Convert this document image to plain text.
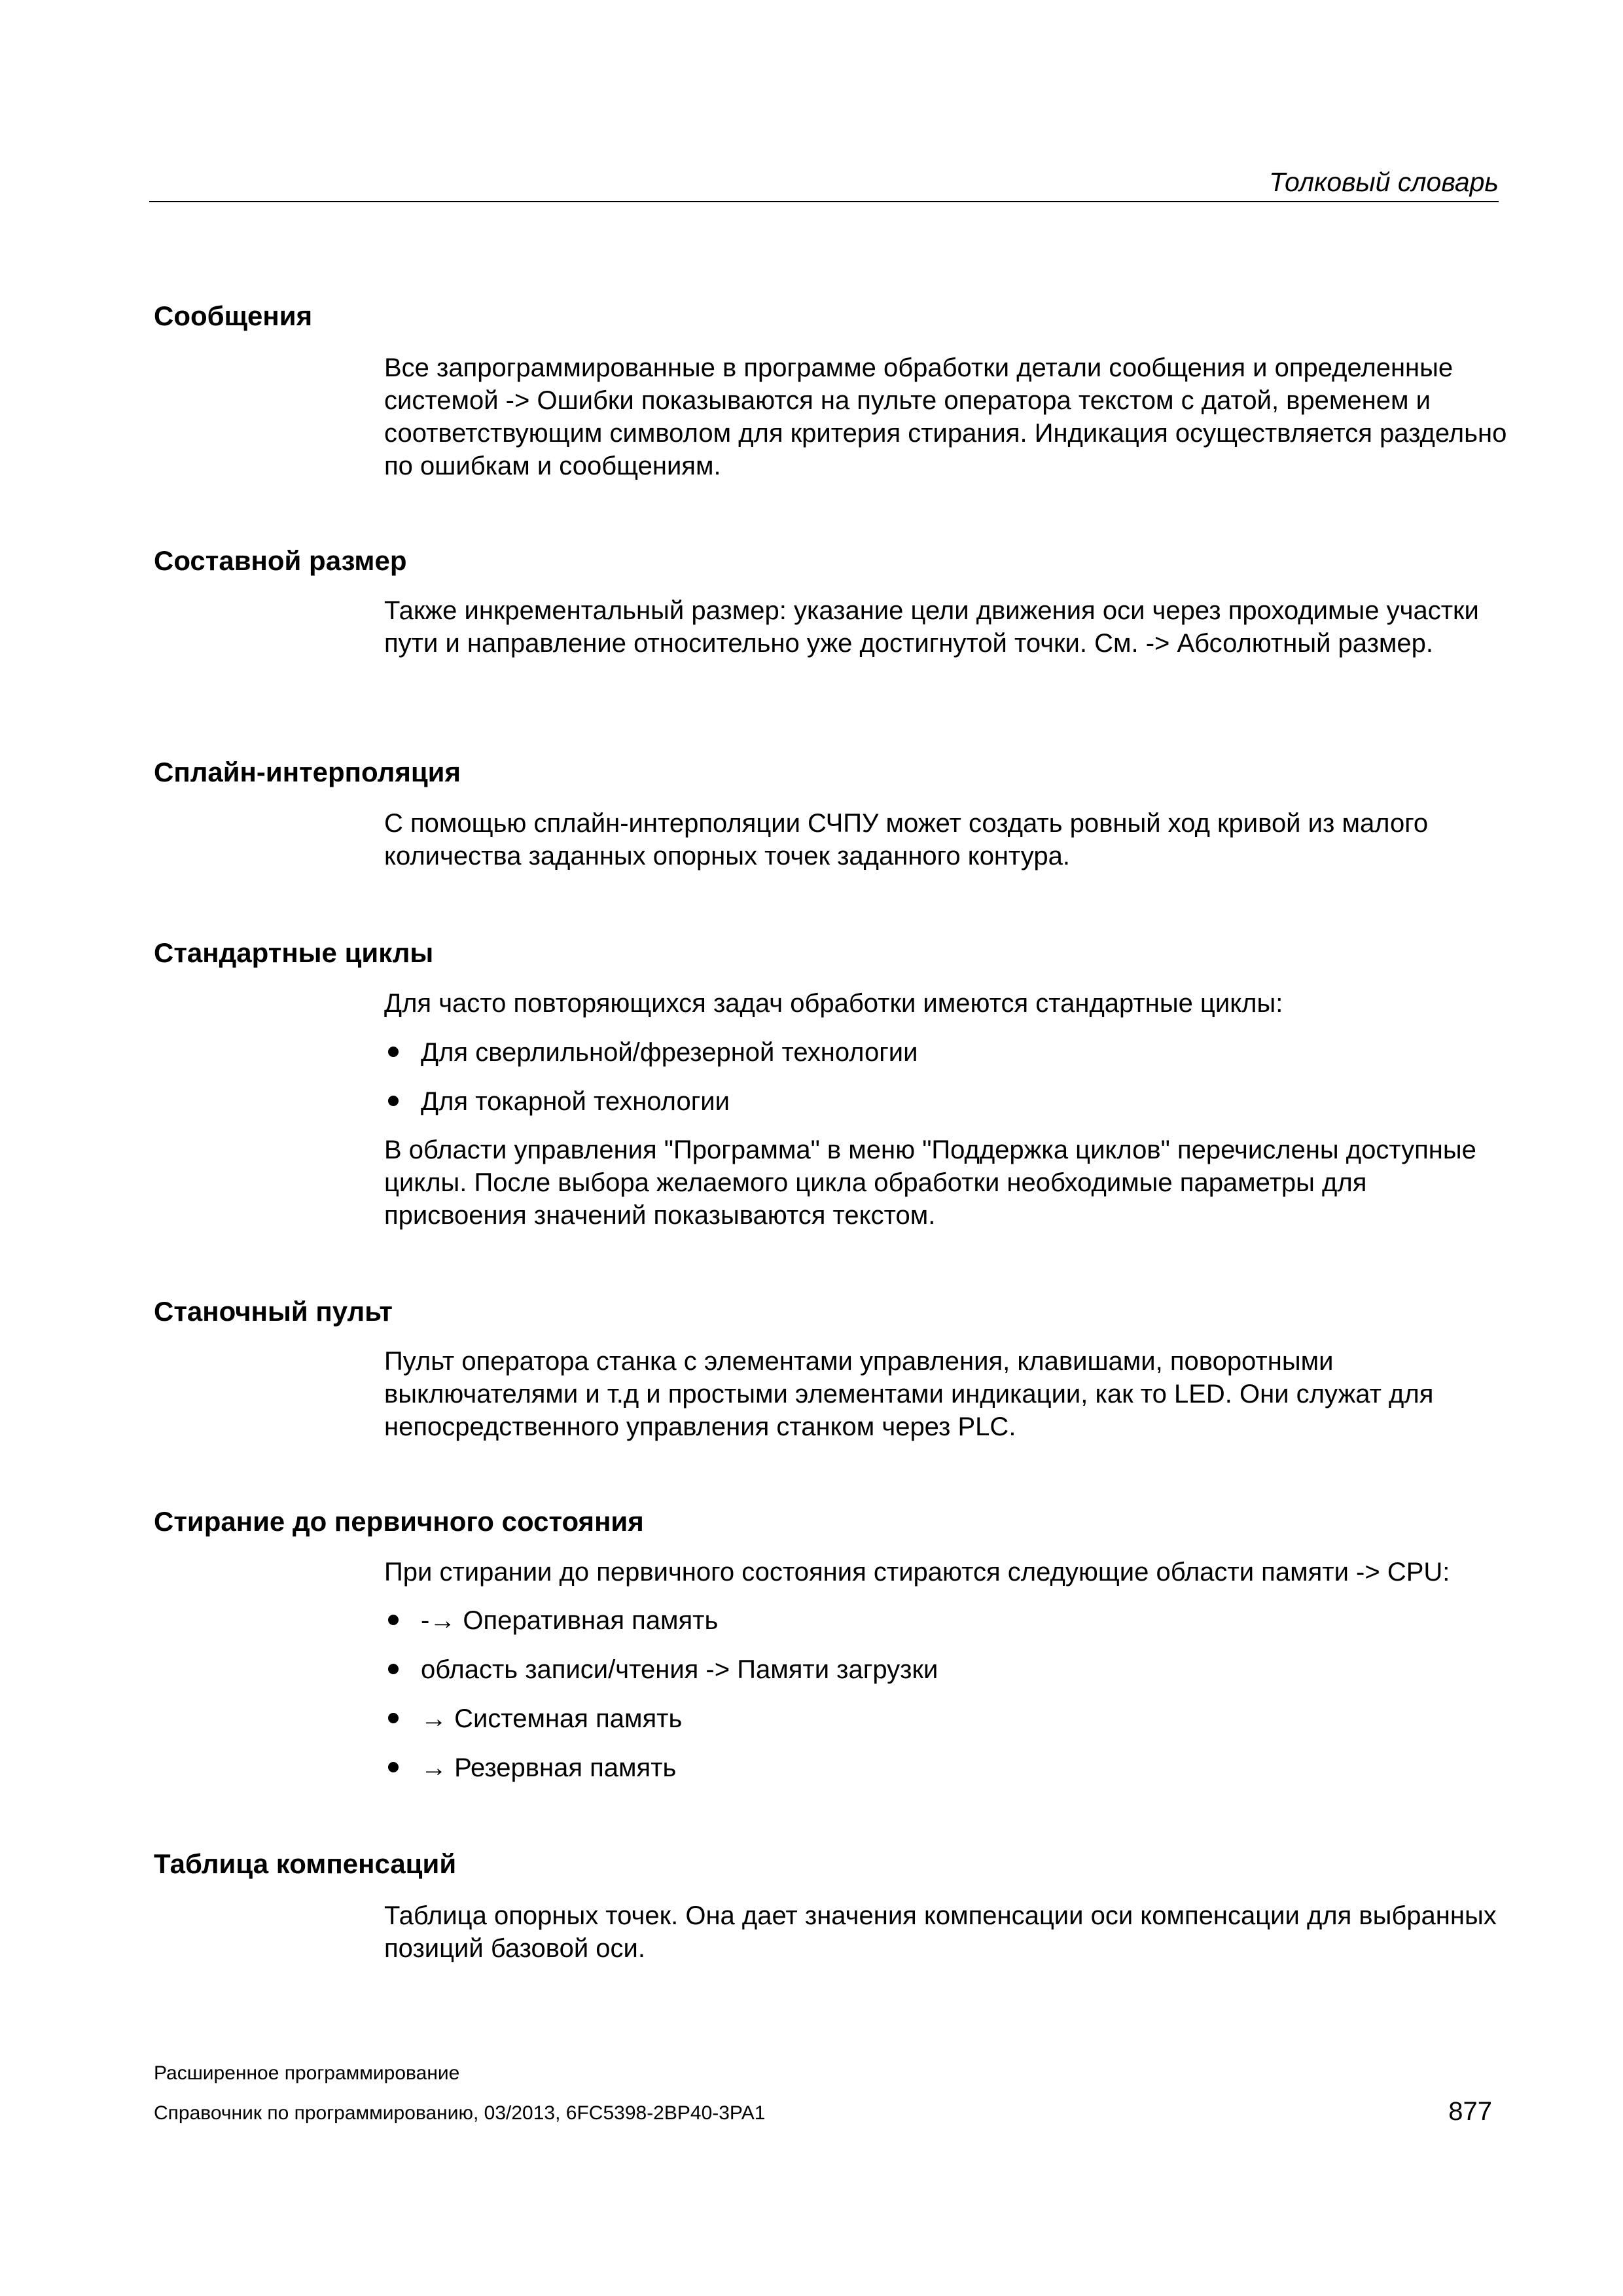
Толковый словарь
Сообщения

Все запрограммированные в программе обработки детали сообщения и определенные системой -> Ошибки показываются на пульте оператора текстом с датой, временем и соответствующим символом для критерия стирания. Индикация осуществляется раздельно по ошибкам и сообщениям.

Составной размер

Также инкрементальный размер: указание цели движения оси через проходимые участки пути и направление относительно уже достигнутой точки. См. -> Абсолютный размер.

Сплайн-интерполяция

С помощью сплайн-интерполяции СЧПУ может создать ровный ход кривой из малого количества заданных опорных точек заданного контура.

Стандартные циклы

Для часто повторяющихся задач обработки имеются стандартные циклы:

Для сверлильной/фрезерной технологии
Для токарной технологии

В области управления "Программа" в меню "Поддержка циклов" перечислены доступные циклы. После выбора желаемого цикла обработки необходимые параметры для присвоения значений показываются текстом.

Станочный пульт

Пульт оператора станка с элементами управления, клавишами, поворотными выключателями и т.д и простыми элементами индикации, как то LED. Они служат для непосредственного управления станком через PLC.

Стирание до первичного состояния

При стирании до первичного состояния стираются следующие области памяти -> CPU:

-→ Оперативная память
область записи/чтения -> Памяти загрузки
→ Системная память
→ Резервная память
Таблица компенсаций

Таблица опорных точек. Она дает значения компенсации оси компенсации для выбранных позиций базовой оси.

Расширенное программирование
Справочник по программированию, 03/2013, 6FC5398-2BP40-3PA1	877
